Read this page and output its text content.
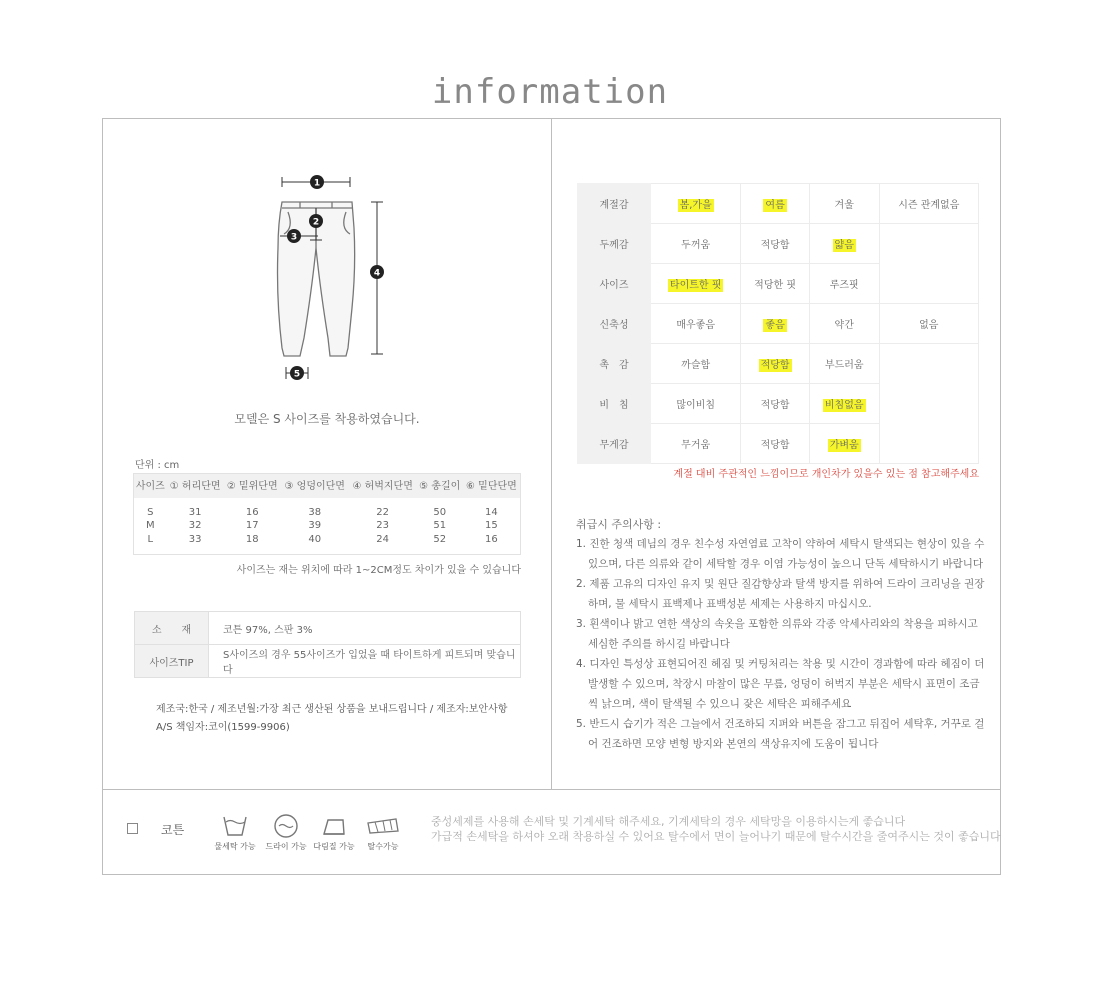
information
1
2
3
4
5
모델은 S 사이즈를 착용하였습니다.
단위 : cm
사이즈	① 허리단면	② 밑위단면	③ 엉덩이단면	④ 허벅지단면	⑤ 총길이	⑥ 밑단단면

S	31	16	38	22	50	14
M	32	17	39	23	51	15
L	33	18	40	24	52	16

사이즈는 재는 위치에 따라 1~2CM정도 차이가 있을 수 있습니다
소　　재	코튼 97%, 스판 3%
사이즈TIP	S사이즈의 경우 55사이즈가 입었을 때 타이트하게 피트되며 맞습니다
제조국:한국 / 제조년월:가장 최근 생산된 상품을 보내드립니다 / 제조자:보안사항
A/S 책임자:코이(1599-9906)
계절감	봄,가을	여름	겨울	시즌 관계없음
두께감	두꺼움	적당함	얇음	
사이즈	타이트한 핏	적당한 핏	루즈핏	
신축성	매우좋음	좋음	약간	없음
촉　감	까슬함	적당함	부드러움	
비　침	많이비침	적당함	비침없음	
무게감	무거움	적당함	가벼움	
계절 대비 주관적인 느낌이므로 개인차가 있을수 있는 점 참고해주세요
취급시 주의사항 :
1. 진한 청색 데님의 경우 친수성 자연염료 고착이 약하여 세탁시 탈색되는 현상이 있을 수 있으며, 다른 의류와 같이 세탁할 경우 이염 가능성이 높으니 단독 세탁하시기 바랍니다
2. 제품 고유의 디자인 유지 및 원단 질감향상과 탈색 방지를 위하여 드라이 크리닝을 권장하며, 물 세탁시 표백제나 표백성분 세제는 사용하지 마십시오.
3. 흰색이나 밝고 연한 색상의 속옷을 포함한 의류와 각종 악세사리와의 착용을 피하시고 세심한 주의를 하시길 바랍니다
4. 디자인 특성상 표현되어진 헤짐 및 커팅처리는 착용 및 시간이 경과함에 따라 헤짐이 더 발생할 수 있으며, 착장시 마찰이 많은 무릎, 엉덩이 허벅지 부분은 세탁시 표면이 조금씩 낡으며, 색이 탈색될 수 있으니 잦은 세탁은 피해주세요
5. 반드시 습기가 적은 그늘에서 건조하되 지퍼와 버튼을 잠그고 뒤집어 세탁후, 거꾸로 걸어 건조하면 모양 변형 방지와 본연의 색상유지에 도움이 됩니다
코튼
물세탁 가능 드라이 가능 다림질 가능	탈수가능
중성세제를 사용해 손세탁 및 기계세탁 해주세요, 기계세탁의 경우 세탁망을 이용하시는게 좋습니다
가급적 손세탁을 하셔야 오래 착용하실 수 있어요 탈수에서 면이 늘어나기 때문에 탈수시간을 줄여주시는 것이 좋습니다
